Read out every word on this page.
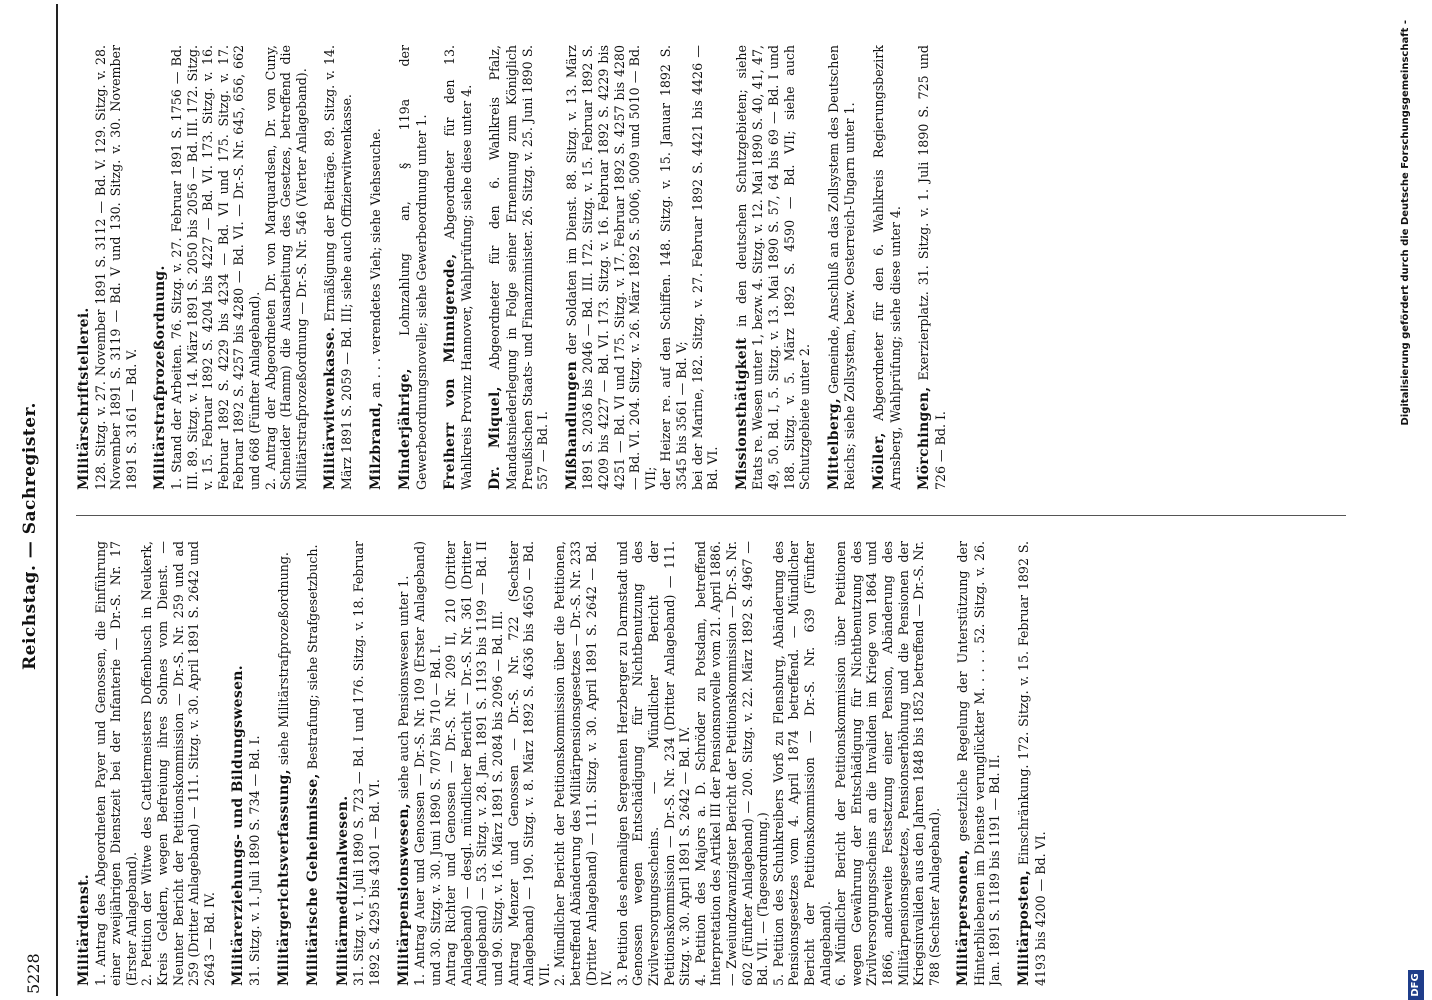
5228
Reichstag. — Sachregister.

Militärdienst. 1. Antrag des Abgeordneten Payer und Genossen, die Einführung einer zweijährigen Dienstzeit bei der Infanterie — Dr.-S. Nr. 17 (Erster Anlageband). 2. Petition der Witwe des Cattlermeisters Doffenbusch in Neukerk, Kreis Geldern, wegen Befreiung ihres Sohnes vom Dienst. — Neunter Bericht der Petitionskommission — Dr.-S. Nr. 259 und ad 259 (Dritter Anlageband) — 111. Sitzg. v. 30. April 1891 S. 2642 und 2643 — Bd. IV. Militärerziehungs- und Bildungswesen. 31. Sitzg. v. 1. Juli 1890 S. 734 — Bd. I. Militärgerichtsverfassung, siehe Militärstrafprozeßordnung.

Militärische Geheimnisse, Bestrafung; siehe Strafgesetzbuch.

Militärmedizinalwesen. 31. Sitzg. v. 1. Juli 1890 S. 723 — Bd. I und 176. Sitzg. v. 18. Februar 1892 S. 4295 bis 4301 — Bd. VI. Militärpensionswesen, siehe auch Pensionswesen unter 1. 1. Antrag Auer und Genossen — Dr.-S. Nr. 109 (Erster Anlageband) und 30. Sitzg. v. 30. Juni 1890 S. 707 bis 710 — Bd. I. Antrag Richter und Genossen — Dr.-S. Nr. 209 II, 210 (Dritter Anlageband) — desgl. mündlicher Bericht — Dr.-S. Nr. 361 (Dritter Anlageband) — 53. Sitzg. v. 28. Jan. 1891 S. 1193 bis 1199 — Bd. II und 90. Sitzg. v. 16. März 1891 S. 2084 bis 2096 — Bd. III. Antrag Menzer und Genossen — Dr.-S. Nr. 722 (Sechster Anlageband) — 190. Sitzg. v. 8. März 1892 S. 4636 bis 4650 — Bd. VII. 2. Mündlicher Bericht der Petitionskommission über die Petitionen, betreffend Abänderung des Militärpensionsgesetzes — Dr.-S. Nr. 233 (Dritter Anlageband) — 111. Sitzg. v. 30. April 1891 S. 2642 — Bd. IV. 3. Petition des ehemaligen Sergeanten Herzberger zu Darmstadt und Genossen wegen Entschädigung für Nichtbenutzung des Zivilversorgungsscheins. — Mündlicher Bericht der Petitionskommission — Dr.-S. Nr. 234 (Dritter Anlageband) — 111. Sitzg. v. 30. April 1891 S. 2642 — Bd. IV. 4. Petition des Majors a. D. Schröder zu Potsdam, betreffend Interpretation des Artikel III der Pensionsnovelle vom 21. April 1886. — Zweiundzwanzigster Bericht der Petitionskommission — Dr.-S. Nr. 602 (Fünfter Anlageband) — 200. Sitzg. v. 22. März 1892 S. 4967 — Bd. VII. — (Tagesordnung.) 5. Petition des Schuhkreibers Vorß zu Flensburg, Abänderung des Pensionsgesetzes vom 4. April 1874 betreffend. — Mündlicher Bericht der Petitionskommission — Dr.-S. Nr. 639 (Fünfter Anlageband). 6. Mündlicher Bericht der Petitionskommission über Petitionen wegen Gewährung der Entschädigung für Nichtbenutzung des Zivilversorgungsscheins an die Invaliden im Kriege von 1864 und 1866, anderweite Festsetzung einer Pension, Abänderung des Militärpensionsgesetzes, Pensionserhöhung und die Pensionen der Kriegsinvaliden aus den Jahren 1848 bis 1852 betreffend — Dr.-S. Nr. 788 (Sechster Anlageband). Militärpersonen, gesetzliche Regelung der Unterstützung der Hinterbliebenen im Dienste verunglückter M. . . . . 52. Sitzg. v. 26. Jan. 1891 S. 1189 bis 1191 — Bd. II. Militärposten, Einschränkung. 172. Sitzg. v. 15. Februar 1892 S. 4193 bis 4200 — Bd. VI.

Militärschriftstellerei. 128. Sitzg. v. 27. November 1891 S. 3112 — Bd. V. 129. Sitzg. v. 28. November 1891 S. 3119 — Bd. V und 130. Sitzg. v. 30. November 1891 S. 3161 — Bd. V. Militärstrafprozeßordnung. 1. Stand der Arbeiten. 76. Sitzg. v. 27. Februar 1891 S. 1756 — Bd. III. 89. Sitzg. v. 14. März 1891 S. 2050 bis 2056 — Bd. III. 172. Sitzg. v. 15. Februar 1892 S. 4204 bis 4227 — Bd. VI. 173. Sitzg. v. 16. Februar 1892 S. 4229 bis 4234 — Bd. VI und 175. Sitzg. v. 17. Februar 1892 S. 4257 bis 4280 — Bd. VI. — Dr.-S. Nr. 645, 656, 662 und 668 (Fünfter Anlageband). 2. Antrag der Abgeordneten Dr. von Marquardsen, Dr. von Cuny, Schneider (Hamm) die Ausarbeitung des Gesetzes, betreffend die Militärstrafprozeßordnung — Dr.-S. Nr. 546 (Vierter Anlageband). Militärwitwenkasse. Ermäßigung der Beiträge. 89. Sitzg. v. 14. März 1891 S. 2059 — Bd. III; siehe auch Offizierwitwenkasse. Milzbrand, an . . . verendetes Vieh; siehe Viehseuche.

Minderjährige, Lohnzahlung an, § 119a der Gewerbeordnungsnovelle; siehe Gewerbeordnung unter 1. Freiherr von Minnigerode, Abgeordneter für den 13. Wahlkreis Provinz Hannover, Wahlprüfung; siehe diese unter 4. Dr. Miquel, Abgeordneter für den 6. Wahlkreis Pfalz, Mandatsniederlegung in Folge seiner Ernennung zum Königlich Preußischen Staats- und Finanzminister. 26. Sitzg. v. 25. Juni 1890 S. 557 — Bd. I. Mißhandlungen der Soldaten im Dienst. 88. Sitzg. v. 13. März 1891 S. 2036 bis 2046 — Bd. III. 172. Sitzg. v. 15. Februar 1892 S. 4209 bis 4227 — Bd. VI. 173. Sitzg. v. 16. Februar 1892 S. 4229 bis 4251 — Bd. VI und 175. Sitzg. v. 17. Februar 1892 S. 4257 bis 4280 — Bd. VI. 204. Sitzg. v. 26. März 1892 S. 5006, 5009 und 5010 — Bd. VII; der Heizer re. auf den Schiffen. 148. Sitzg. v. 15. Januar 1892 S. 3545 bis 3561 — Bd. V; bei der Marine, 182. Sitzg. v. 27. Februar 1892 S. 4421 bis 4426 — Bd. VI. Missionsthätigkeit in den deutschen Schutzgebieten; siehe Etats re. Wesen unter 1, bezw. 4. Sitzg. v. 12. Mai 1890 S. 40, 41, 47, 49, 50. Bd. I, 5. Sitzg. v. 13. Mai 1890 S. 57, 64 bis 69 — Bd. I und 188. Sitzg. v. 5. März 1892 S. 4590 — Bd. VII; siehe auch Schutzgebiete unter 2. Mittelberg, Gemeinde, Anschluß an das Zollsystem des Deutschen Reichs; siehe Zollsystem, bezw. Oesterreich-Ungarn unter 1. Möller, Abgeordneter für den 6. Wahlkreis Regierungsbezirk Arnsberg, Wahlprüfung; siehe diese unter 4. Mörchingen, Exerzierplatz. 31. Sitzg. v. 1. Juli 1890 S. 725 und 726 — Bd. I.

Digitalisierung gefördert durch die Deutsche Forschungsgemeinschaft -
DFG
